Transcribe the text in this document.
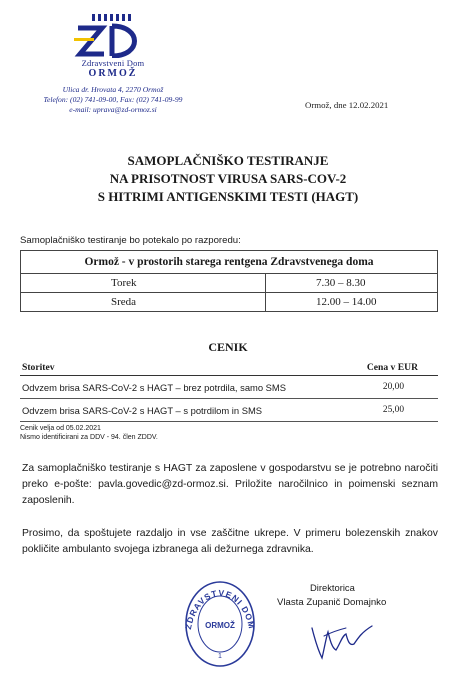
Zdravstveni Dom
ORMOŽ
Ulica dr. Hrovata 4, 2270 Ormož
Telefon: (02) 741-09-00, Fax: (02) 741-09-99
e-mail: uprava@zd-ormoz.si	Ormož, dne 12.02.2021
SAMOPLAČNIŠKO TESTIRANJE
NA PRISOTNOST VIRUSA SARS-COV-2
S HITRIMI ANTIGENSKIMI TESTI (HAGT)
Samoplačniško testiranje bo potekalo po razporedu:
Ormož - v prostorih starega rentgena Zdravstvenega doma	
Torek	7.30 – 8.30
Sreda	12.00 – 14.00
CENIK
Storitev	Cena v EUR
Odvzem brisa SARS-CoV-2 s HAGT – brez potrdila, samo SMS	20,00
Odvzem brisa SARS-CoV-2 s HAGT – s potrdilom in SMS	25,00
Cenik velja od 05.02.2021
Nismo identificirani za DDV - 94. člen ZDDV.
Za samoplačniško testiranje s HAGT za zaposlene v gospodarstvu se je potrebno naročiti preko e-pošte: pavla.govedic@zd-ormoz.si. Priložite naročilnico in poimenski seznam zaposlenih.
Prosimo, da spoštujete razdaljo in vse zaščitne ukrepe. V primeru bolezenskih znakov pokličite ambulanto svojega izbranega ali dežurnega zdravnika.
Direktorica
Vlasta Zupanič Domajnko
ZDRAVSTVENI DOM
ORMOŽ
1
